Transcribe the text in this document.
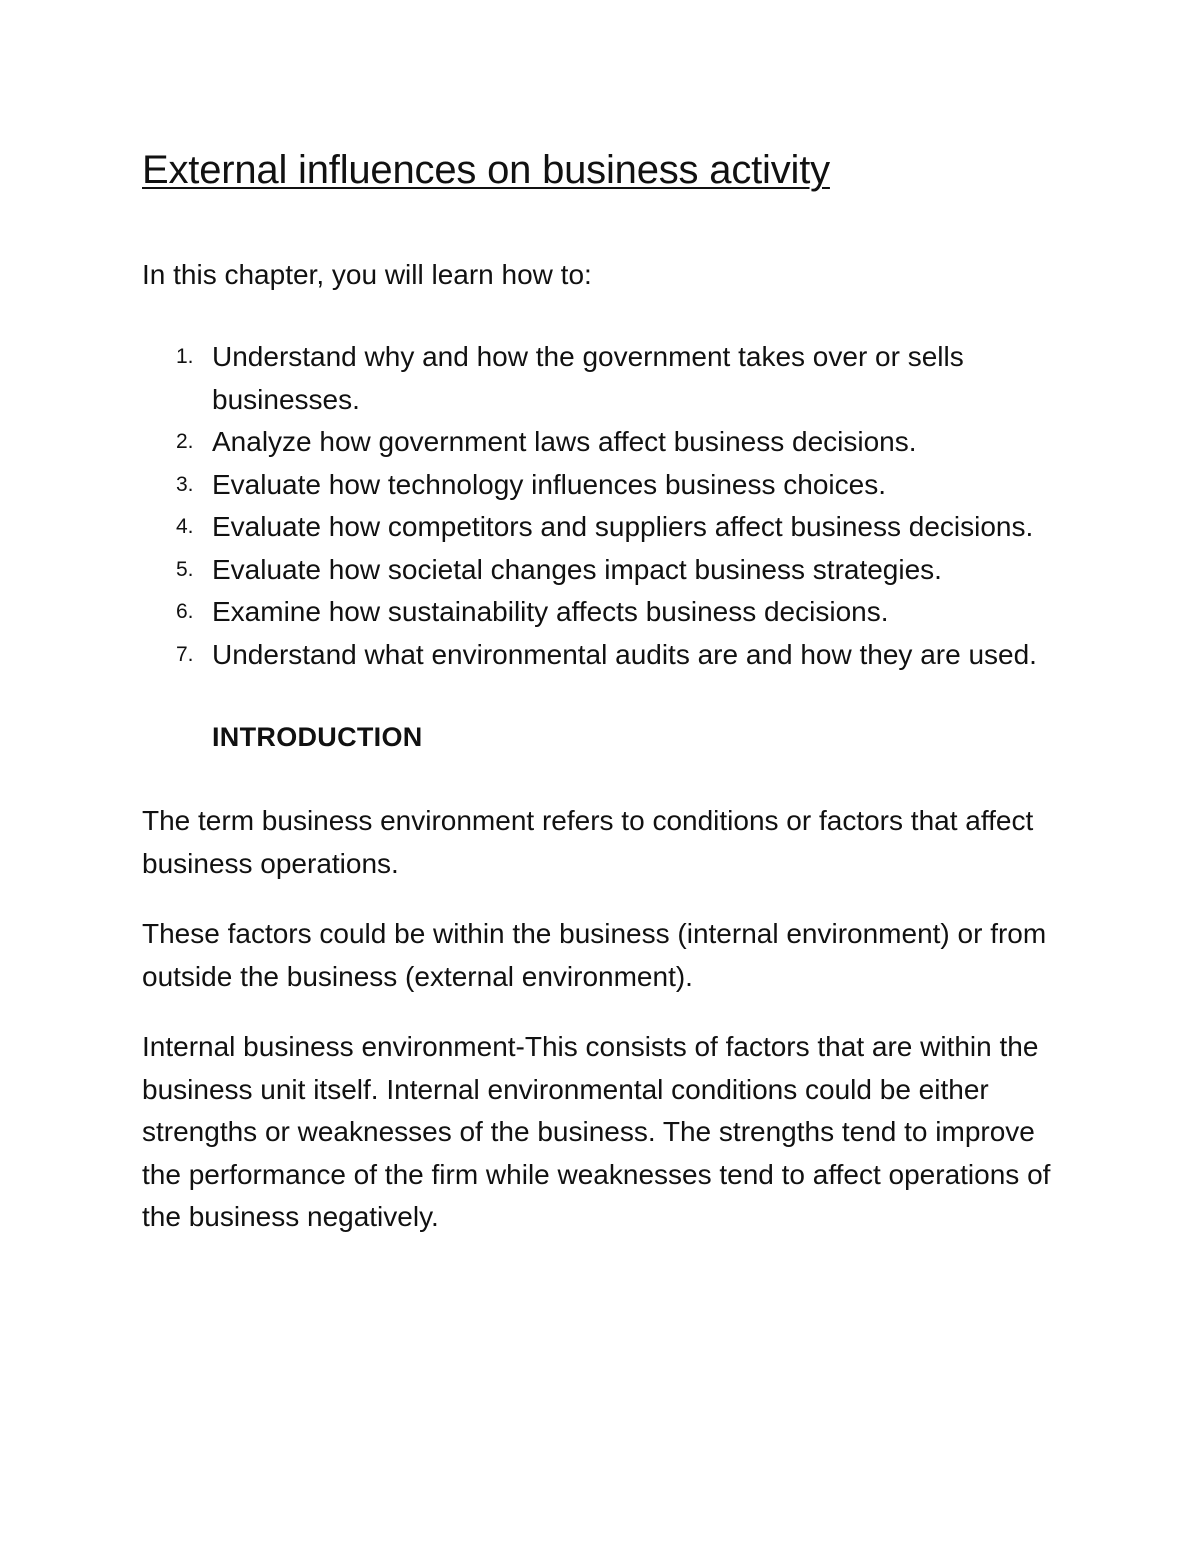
External influences on business activity

In this chapter, you will learn how to:

1. Understand why and how the government takes over or sells businesses.
2. Analyze how government laws affect business decisions.
3. Evaluate how technology influences business choices.
4. Evaluate how competitors and suppliers affect business decisions.
5. Evaluate how societal changes impact business strategies.
6. Examine how sustainability affects business decisions.
7. Understand what environmental audits are and how they are used.
INTRODUCTION

The term business environment refers to conditions or factors that affect business operations.

These factors could be within the business (internal environment) or from outside the business (external environment).

Internal business environment-This consists of factors that are within the business unit itself. Internal environmental conditions could be either strengths or weaknesses of the business. The strengths tend to improve the performance of the firm while weaknesses tend to affect operations of the business negatively.
